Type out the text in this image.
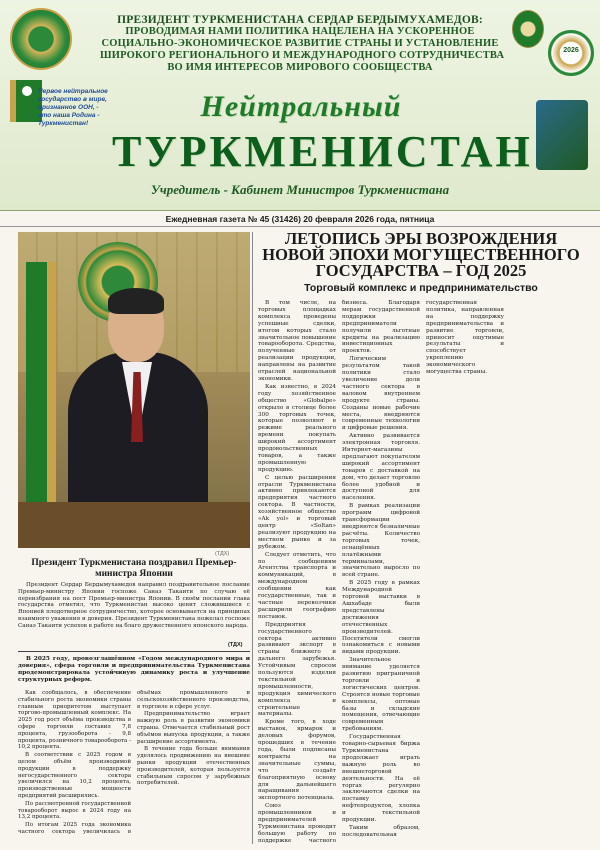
Первое нейтральное государство в мире, признанное ООН, - это наша Родина - Туркменистан!
ПРЕЗИДЕНТ ТУРКМЕНИСТАНА СЕРДАР БЕРДЫМУХАМЕДОВ:
ПРОВОДИМАЯ НАМИ ПОЛИТИКА НАЦЕЛЕНА НА УСКОРЕННОЕ
СОЦИАЛЬНО-ЭКОНОМИЧЕСКОЕ РАЗВИТИЕ СТРАНЫ И УСТАНОВЛЕНИЕ
ШИРОКОГО РЕГИОНАЛЬНОГО И МЕЖДУНАРОДНОГО СОТРУДНИЧЕСТВА
ВО ИМЯ ИНТЕРЕСОВ МИРОВОГО СООБЩЕСТВА
Нейтральный
ТУРКМЕНИСТАН
Учредитель - Кабинет Министров Туркменистана
2026
Ежедневная газета № 45 (31426) 20 февраля 2026 года, пятница
(ТДХ)
Президент Туркменистана поздравил Премьер-министра Японии
Президент Сердар Бердымухамедов направил поздравительное послание Премьер-министру Японии госпоже Санаэ Такаити по случаю её переизбрания на пост Премьер-министра Японии. В своём послании глава государства отметил, что Туркменистан высоко ценит сложившиеся с Японией плодотворное сотрудничество, которое основывается на принципах взаимного уважения и доверия. Президент Туркменистана пожелал госпоже Санаэ Такаити успехов в работе на благо дружественного японского народа.
(ТДХ)
В 2025 году, провозглашённом «Годом международного мира и доверия», сфера торговли и предпринимательства Туркменистана продемонстрировала устойчивую динамику роста и улучшение структурных реформ.

Как сообщалось, в обеспечение стабильного роста экономики страны главным приоритетом выступает торгово-промышленный комплекс. На 2025 год рост объёма производства в сфере торговли составил 7,8 процента, грузооборота - 9,8 процента, розничного товарооборота - 10,2 процента.

В соответствии с 2025 годом в целом объём производимой продукции в поддержку негосударственного сектора увеличился на 10,2 процента, производственные мощности предприятий расширились.

По рассмотренной государственной товарооборот вырос в 2024 году на 13,2 процента.

По итогам 2025 года экономика частного сектора увеличилась в объёмах промышленного и сельскохозяйственного производства, в торговле и сфере услуг.

Предпринимательство играет важную роль в развитии экономики страны. Отмечается стабильный рост объёмов выпуска продукции, а также расширение ассортимента.

В течение года больше внимания уделялось продвижению на внешние рынки продукции отечественных производителей, которая пользуется стабильным спросом у зарубежных потребителей.

ЛЕТОПИСЬ ЭРЫ ВОЗРОЖДЕНИЯ НОВОЙ ЭПОХИ МОГУЩЕСТВЕННОГО ГОСУДАРСТВА – ГОД 2025
Торговый комплекс и предпринимательство

В том числе, на торговых площадках комплекса проведены успешные сделки, итогом которых стало значительное повышение товарооборота. Средства, полученные от реализации продукции, направлены на развитие отраслей национальной экономики.

Как известно, в 2024 году хозяйственное общество «Globalpe» открыло в столице более 300 торговых точек, которые позволяют в режиме реального времени покупать широкий ассортимент продовольственных товаров, а также промышленную продукцию.

С целью расширения отрасли Туркменистана активно привлекаются предприятия частного сектора. В частности, хозяйственное общество «Ak yol» и торговый центр «Soltan» реализуют продукцию на местном рынке и за рубежом.

Следует отметить, что по сообщениям Агентства транспорта и коммуникаций, в международном сообщении как государственные, так и частные перевозчики расширили географию поставок.

Предприятия государственного сектора активно развивают экспорт в страны ближнего и дальнего зарубежья. Устойчивым спросом пользуются изделия текстильной промышленности, продукция химического комплекса и строительные материалы.

Кроме того, в ходе выставок, ярмарок и деловых форумов, прошедших в течение года, были подписаны контракты на значительные суммы, что создаёт благоприятную основу для дальнейшего наращивания экспортного потенциала.

Союз промышленников и предпринимателей Туркменистана проводит большую работу по поддержке частного бизнеса. Благодаря мерам государственной поддержки предприниматели получили льготные кредиты на реализацию инвестиционных проектов.

Логическим результатом такой политики стало увеличение доли частного сектора в валовом внутреннем продукте страны. Созданы новые рабочие места, внедряются современные технологии и цифровые решения.

Активно развивается электронная торговля. Интернет-магазины предлагают покупателям широкий ассортимент товаров с доставкой на дом, что делает торговлю более удобной и доступной для населения.

В рамках реализации программ цифровой трансформации внедряются безналичные расчёты. Количество торговых точек, оснащённых платёжными терминалами, значительно выросло по всей стране.

В 2025 году в рамках Международной торговой выставки в Ашхабаде были представлены достижения отечественных производителей. Посетители смогли ознакомиться с новыми видами продукции.

Значительное внимание уделяется развитию приграничной торговли и логистических центров. Строятся новые торговые комплексы, оптовые базы и складские помещения, отвечающие современным требованиям.

Государственная товарно-сырьевая биржа Туркменистана продолжает играть важную роль во внешнеторговой деятельности. На её торгах регулярно заключаются сделки на поставку нефтепродуктов, хлопка и текстильной продукции.

Таким образом, последовательная государственная политика, направленная на поддержку предпринимательства и развитие торговли, приносит ощутимые результаты и способствует укреплению экономического могущества страны.
